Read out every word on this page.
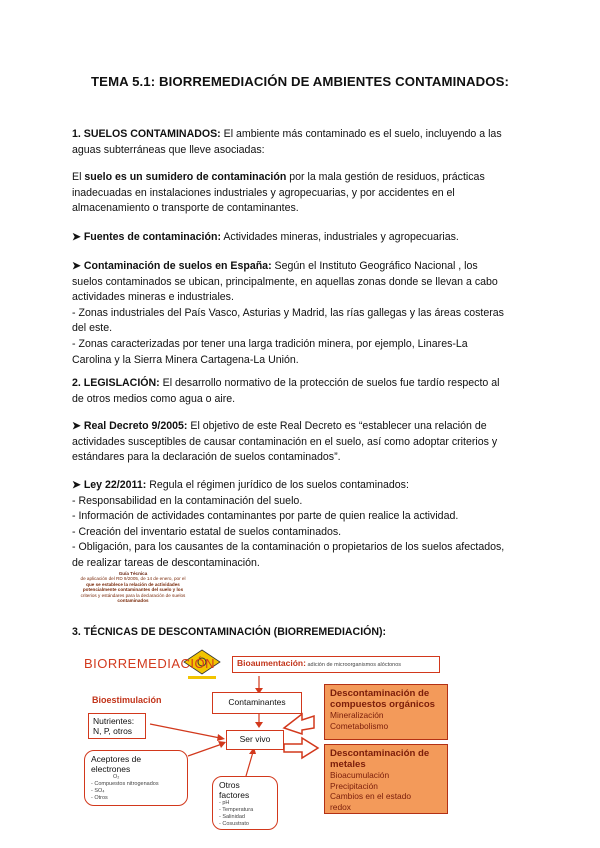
TEMA 5.1: BIORREMEDIACIÓN DE AMBIENTES CONTAMINADOS:
1. SUELOS CONTAMINADOS: El ambiente más contaminado es el suelo, incluyendo a las
aguas subterráneas que lleve asociadas:
El suelo es un sumidero de contaminación por la mala gestión de residuos, prácticas
inadecuadas en instalaciones industriales y agropecuarias, y por accidentes en el
almacenamiento o transporte de contaminantes.
➤ Fuentes de contaminación: Actividades mineras, industriales y agropecuarias.
➤ Contaminación de suelos en España: Según el Instituto Geográfico Nacional , los
suelos contaminados se ubican, principalmente, en aquellas zonas donde se llevan a cabo
actividades mineras e industriales.
- Zonas industriales del País Vasco, Asturias y Madrid, las rías gallegas y las áreas costeras
del este.
- Zonas caracterizadas por tener una larga tradición minera, por ejemplo, Linares-La
Carolina y la Sierra Minera Cartagena-La Unión.
2. LEGISLACIÓN: El desarrollo normativo de la protección de suelos fue tardío respecto al
de otros medios como agua o aire.
➤ Real Decreto 9/2005: El objetivo de este Real Decreto es “establecer una relación de
actividades susceptibles de causar contaminación en el suelo, así como adoptar criterios y
estándares para la declaración de suelos contaminados”.
➤ Ley 22/2011: Regula el régimen jurídico de los suelos contaminados:
- Responsabilidad en la contaminación del suelo.
- Información de actividades contaminantes por parte de quien realice la actividad.
- Creación del inventario estatal de suelos contaminados.
- Obligación, para los causantes de la contaminación o propietarios de los suelos afectados,
de realizar tareas de descontaminación.
Guía Técnica
de aplicación del RD 9/2005, de 14 de enero, por el
que se establece la relación de actividades
potencialmente contaminantes del suelo y los
criterios y estándares para la declaración de suelos
contaminados
3. TÉCNICAS DE DESCONTAMINACIÓN (BIORREMEDIACIÓN):
BIORREMEDIACIÓN	Bioaumentación: adición de microorganismos alóctonos
Bioestimulación	Contaminantes
Nutrientes:
N, P, otros
Ser vivo
Aceptores de electrones
O₂
- Compuestos nitrogenados
- SO₄
- Otros
Otros factores
- pH
- Temperatura
- Salinidad
- Cosustrato
Descontaminación de
compuestos orgánicos
Mineralización
Cometabolismo
Descontaminación de
metales
Bioacumulación
Precipitación
Cambios en el estado
redox
